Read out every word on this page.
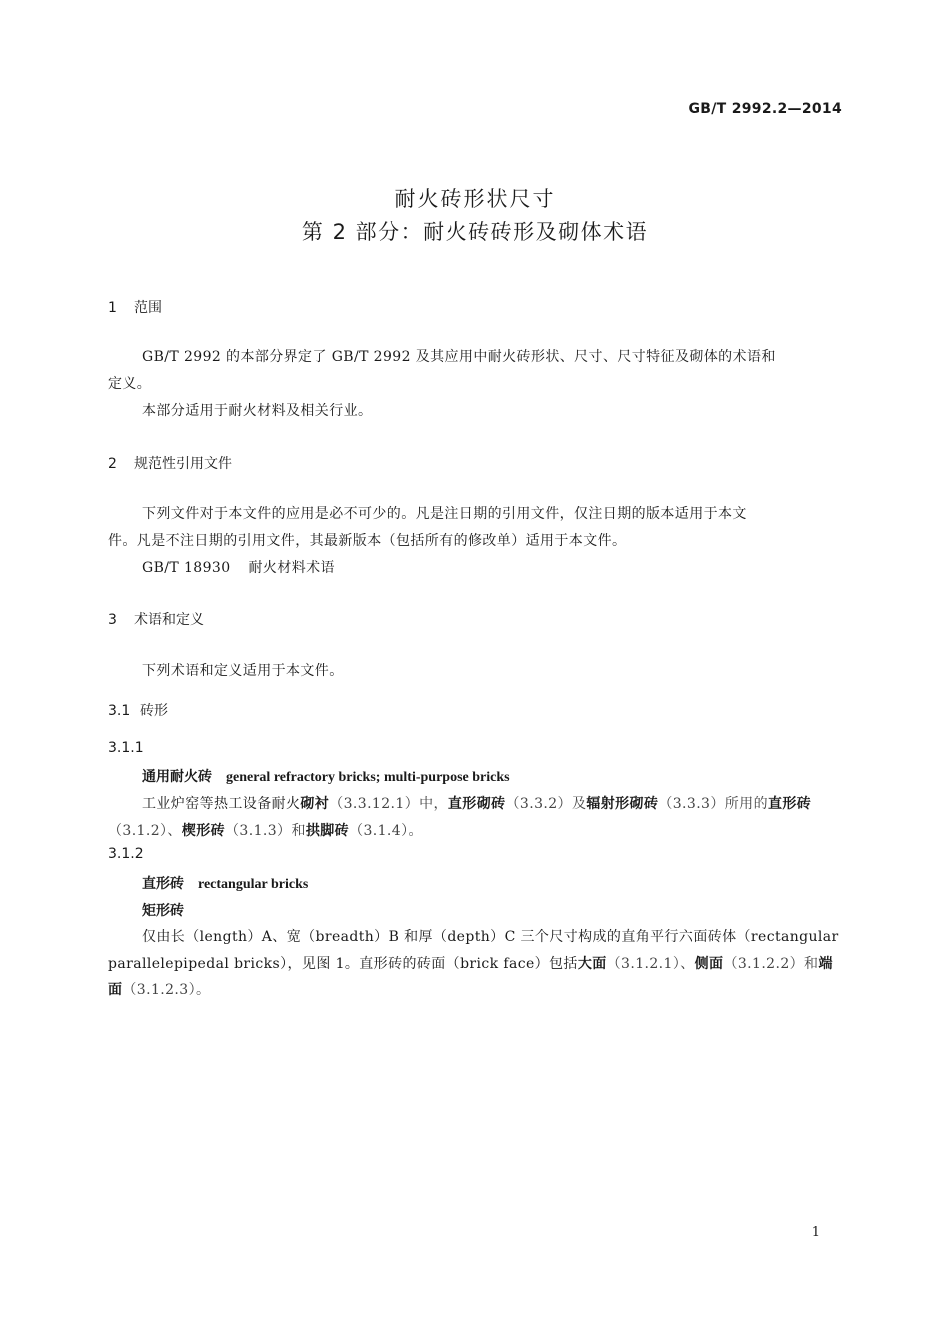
GB/T 2992.2—2014
耐火砖形状尺寸
第 2 部分：耐火砖砖形及砌体术语
1 范围
GB/T 2992 的本部分界定了 GB/T 2992 及其应用中耐火砖形状、尺寸、尺寸特征及砌体的术语和
定义。
本部分适用于耐火材料及相关行业。
2 规范性引用文件
下列文件对于本文件的应用是必不可少的。凡是注日期的引用文件，仅注日期的版本适用于本文
件。凡是不注日期的引用文件，其最新版本（包括所有的修改单）适用于本文件。
GB/T 18930 耐火材料术语
3 术语和定义
下列术语和定义适用于本文件。
3.1 砖形
3.1.1
通用耐火砖 general refractory bricks; multi-purpose bricks
工业炉窑等热工设备耐火砌衬（3.3.12.1）中，直形砌砖（3.3.2）及辐射形砌砖（3.3.3）所用的直形砖
（3.1.2）、楔形砖（3.1.3）和拱脚砖（3.1.4）。
3.1.2
直形砖 rectangular bricks
矩形砖
仅由长（length）A、宽（breadth）B 和厚（depth）C 三个尺寸构成的直角平行六面砖体（rectangular
parallelepipedal bricks），见图 1。直形砖的砖面（brick face）包括大面（3.1.2.1）、侧面（3.1.2.2）和端
面（3.1.2.3）。
1
